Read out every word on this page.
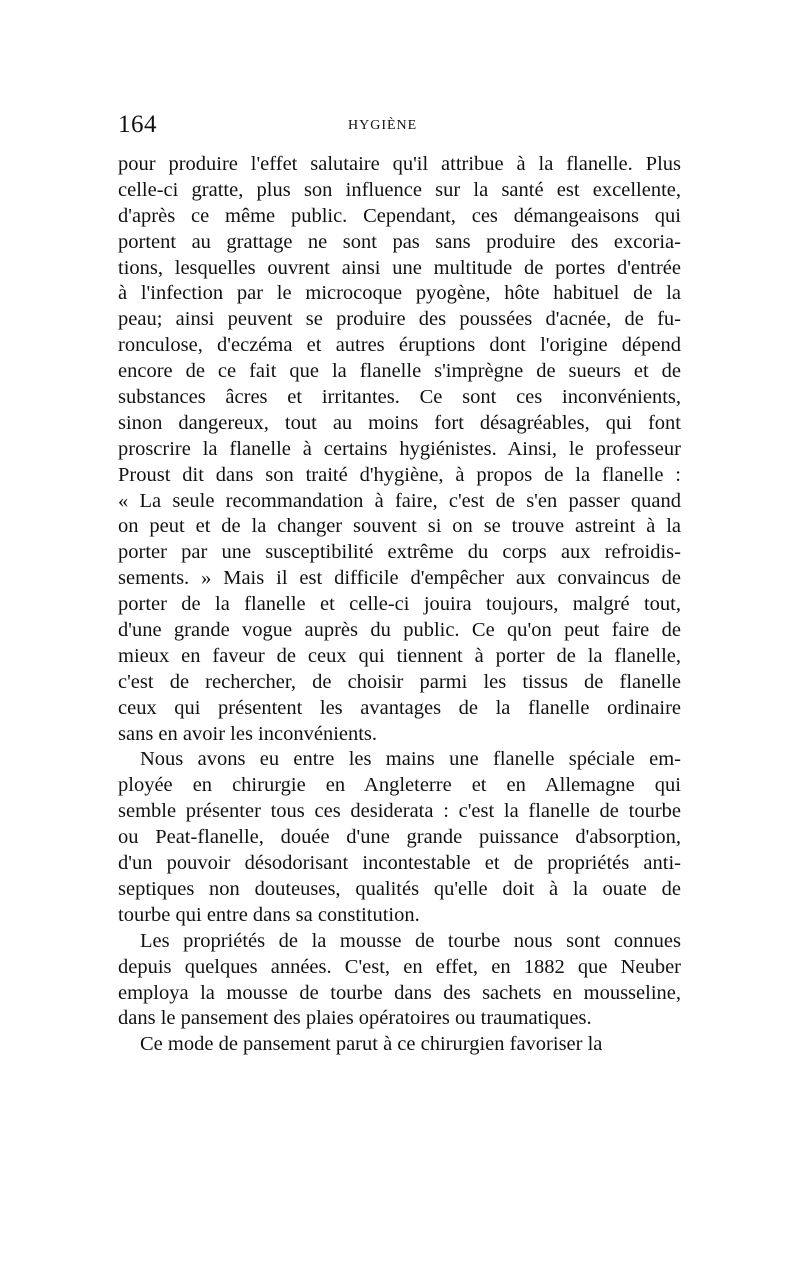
164	HYGIÈNE
pour produire l'effet salutaire qu'il attribue à la flanelle. Plus
celle-ci gratte, plus son influence sur la santé est excellente,
d'après ce même public. Cependant, ces démangeaisons qui
portent au grattage ne sont pas sans produire des excoria-
tions, lesquelles ouvrent ainsi une multitude de portes d'entrée
à l'infection par le microcoque pyogène, hôte habituel de la
peau; ainsi peuvent se produire des poussées d'acnée, de fu-
ronculose, d'eczéma et autres éruptions dont l'origine dépend
encore de ce fait que la flanelle s'imprègne de sueurs et de
substances âcres et irritantes. Ce sont ces inconvénients,
sinon dangereux, tout au moins fort désagréables, qui font
proscrire la flanelle à certains hygiénistes. Ainsi, le professeur
Proust dit dans son traité d'hygiène, à propos de la flanelle :
« La seule recommandation à faire, c'est de s'en passer quand
on peut et de la changer souvent si on se trouve astreint à la
porter par une susceptibilité extrême du corps aux refroidis-
sements. » Mais il est difficile d'empêcher aux convaincus de
porter de la flanelle et celle-ci jouira toujours, malgré tout,
d'une grande vogue auprès du public. Ce qu'on peut faire de
mieux en faveur de ceux qui tiennent à porter de la flanelle,
c'est de rechercher, de choisir parmi les tissus de flanelle
ceux qui présentent les avantages de la flanelle ordinaire
sans en avoir les inconvénients.
Nous avons eu entre les mains une flanelle spéciale em-
ployée en chirurgie en Angleterre et en Allemagne qui
semble présenter tous ces desiderata : c'est la flanelle de tourbe
ou Peat-flanelle, douée d'une grande puissance d'absorption,
d'un pouvoir désodorisant incontestable et de propriétés anti-
septiques non douteuses, qualités qu'elle doit à la ouate de
tourbe qui entre dans sa constitution.
Les propriétés de la mousse de tourbe nous sont connues
depuis quelques années. C'est, en effet, en 1882 que Neuber
employa la mousse de tourbe dans des sachets en mousseline,
dans le pansement des plaies opératoires ou traumatiques.
Ce mode de pansement parut à ce chirurgien favoriser la
